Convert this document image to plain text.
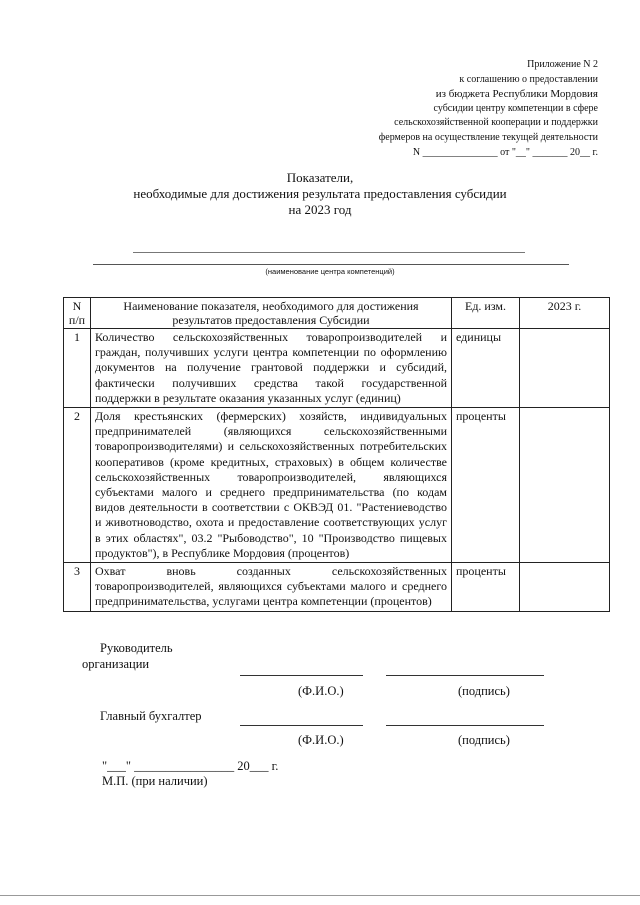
Приложение N 2
к соглашению о предоставлении
из бюджета Республики Мордовия
субсидии центру компетенции в сфере
сельскохозяйственной кооперации и поддержки
фермеров на осуществление текущей деятельности
N _______________ от "__" _______ 20__ г.
Показатели,
необходимые для достижения результата предоставления субсидии
на 2023 год
(наименование центра компетенций)
N п/п	Наименование показателя, необходимого для достижения результатов предоставления Субсидии	Ед. изм.	2023 г.
1	Количество сельскохозяйственных товаропроизводителей и граждан, получивших услуги центра компетенции по оформлению документов на получение грантовой поддержки и субсидий, фактически получивших средства такой государственной поддержки в результате оказания указанных услуг (единиц)	единицы	
2	Доля крестьянских (фермерских) хозяйств, индивидуальных предпринимателей (являющихся сельскохозяйственными товаропроизводителями) и сельскохозяйственных потребительских кооперативов (кроме кредитных, страховых) в общем количестве сельскохозяйственных товаропроизводителей, являющихся субъектами малого и среднего предпринимательства (по кодам видов деятельности в соответствии с ОКВЭД 01. "Растениеводство и животноводство, охота и предоставление соответствующих услуг в этих областях", 03.2 "Рыбоводство", 10 "Производство пищевых продуктов"), в Республике Мордовия (процентов)	проценты	
3	Охват вновь созданных сельскохозяйственных товаропроизводителей, являющихся субъектами малого и среднего предпринимательства, услугами центра компетенции (процентов)	проценты	
Руководитель
организации
(Ф.И.О.)	(подпись)
Главный бухгалтер
(Ф.И.О.)	(подпись)
"___" ________________ 20___ г.
М.П. (при наличии)
